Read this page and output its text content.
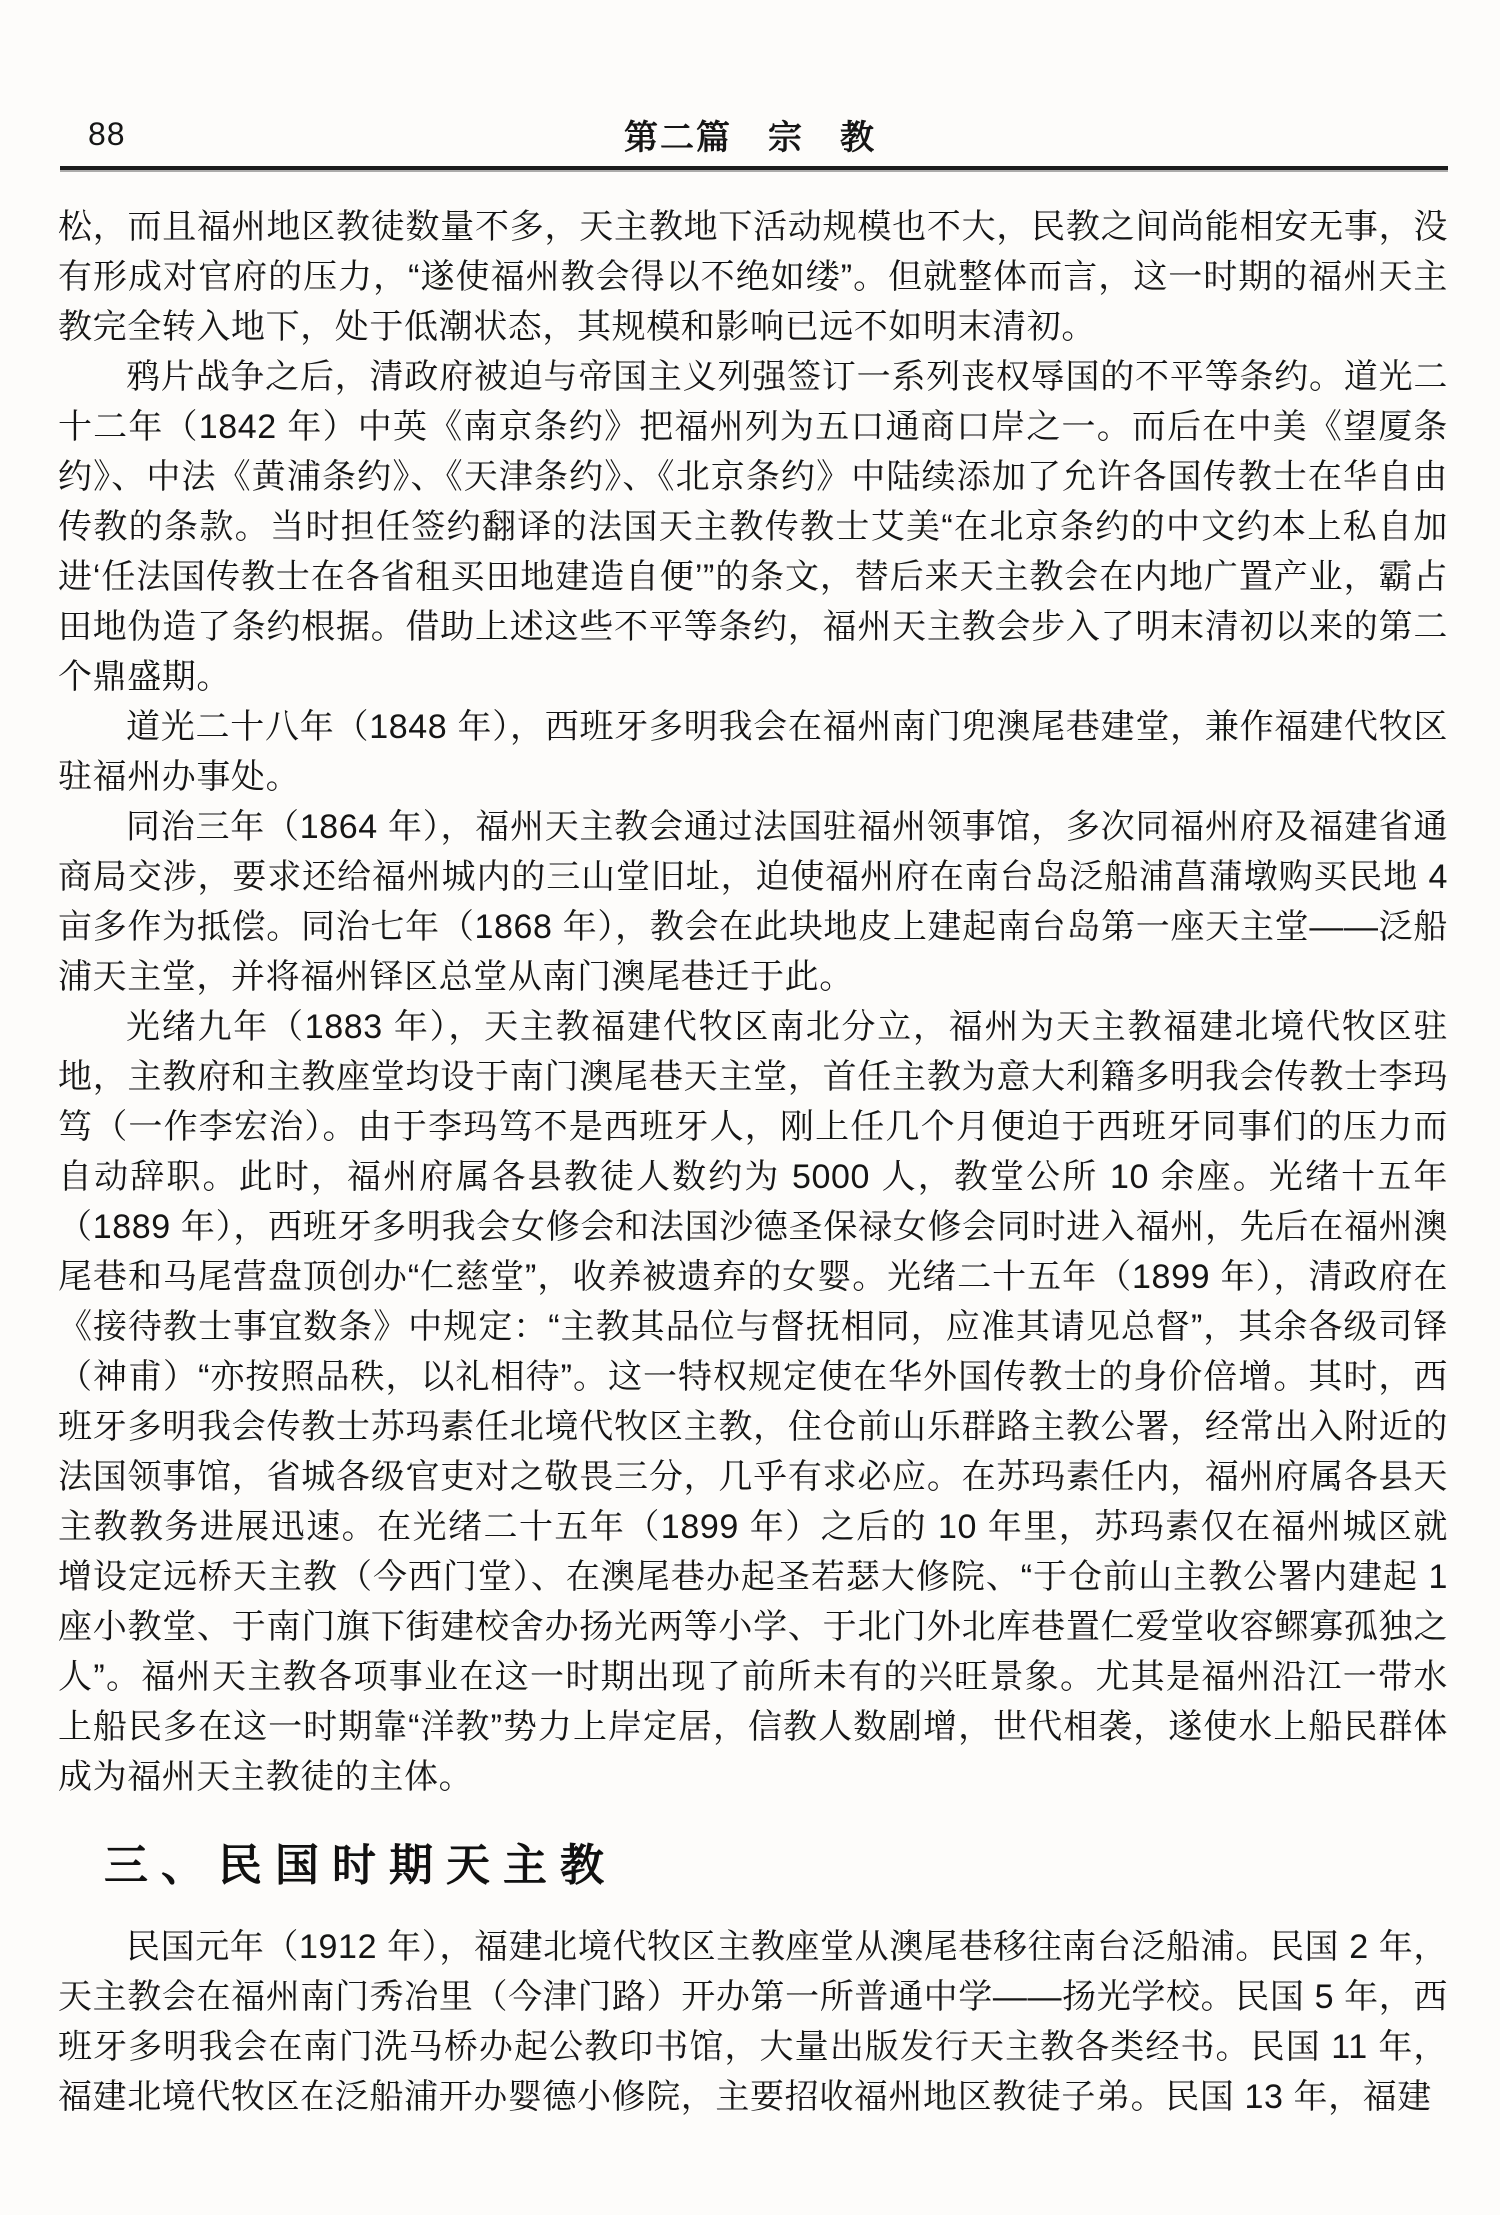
88	第二篇　宗　教

松，而且福州地区教徒数量不多，天主教地下活动规模也不大，民教之间尚能相安无事，没有形成对官府的压力，“遂使福州教会得以不绝如缕”。但就整体而言，这一时期的福州天主教完全转入地下，处于低潮状态，其规模和影响已远不如明末清初。

鸦片战争之后，清政府被迫与帝国主义列强签订一系列丧权辱国的不平等条约。道光二十二年（1842 年）中英《南京条约》把福州列为五口通商口岸之一。而后在中美《望厦条约》、中法《黄浦条约》、《天津条约》、《北京条约》中陆续添加了允许各国传教士在华自由传教的条款。当时担任签约翻译的法国天主教传教士艾美“在北京条约的中文约本上私自加进‘任法国传教士在各省租买田地建造自便’”的条文，替后来天主教会在内地广置产业，霸占田地伪造了条约根据。借助上述这些不平等条约，福州天主教会步入了明末清初以来的第二个鼎盛期。

道光二十八年（1848 年），西班牙多明我会在福州南门兜澳尾巷建堂，兼作福建代牧区驻福州办事处。

同治三年（1864 年），福州天主教会通过法国驻福州领事馆，多次同福州府及福建省通商局交涉，要求还给福州城内的三山堂旧址，迫使福州府在南台岛泛船浦菖蒲墩购买民地 4 亩多作为抵偿。同治七年（1868 年），教会在此块地皮上建起南台岛第一座天主堂——泛船浦天主堂，并将福州铎区总堂从南门澳尾巷迁于此。

光绪九年（1883 年），天主教福建代牧区南北分立，福州为天主教福建北境代牧区驻地，主教府和主教座堂均设于南门澳尾巷天主堂，首任主教为意大利籍多明我会传教士李玛笃（一作李宏治）。由于李玛笃不是西班牙人，刚上任几个月便迫于西班牙同事们的压力而自动辞职。此时，福州府属各县教徒人数约为 5000 人，教堂公所 10 余座。光绪十五年（1889 年），西班牙多明我会女修会和法国沙德圣保禄女修会同时进入福州，先后在福州澳尾巷和马尾营盘顶创办“仁慈堂”，收养被遗弃的女婴。光绪二十五年（1899 年），清政府在《接待教士事宜数条》中规定：“主教其品位与督抚相同，应准其请见总督”，其余各级司铎（神甫）“亦按照品秩，以礼相待”。这一特权规定使在华外国传教士的身价倍增。其时，西班牙多明我会传教士苏玛素任北境代牧区主教，住仓前山乐群路主教公署，经常出入附近的法国领事馆，省城各级官吏对之敬畏三分，几乎有求必应。在苏玛素任内，福州府属各县天主教教务进展迅速。在光绪二十五年（1899 年）之后的 10 年里，苏玛素仅在福州城区就增设定远桥天主教（今西门堂）、在澳尾巷办起圣若瑟大修院、“于仓前山主教公署内建起 1 座小教堂、于南门旗下街建校舍办扬光两等小学、于北门外北库巷置仁爱堂收容鳏寡孤独之人”。福州天主教各项事业在这一时期出现了前所未有的兴旺景象。尤其是福州沿江一带水上船民多在这一时期靠“洋教”势力上岸定居，信教人数剧增，世代相袭，遂使水上船民群体成为福州天主教徒的主体。

三、民国时期天主教

民国元年（1912 年），福建北境代牧区主教座堂从澳尾巷移往南台泛船浦。民国 2 年，天主教会在福州南门秀冶里（今津门路）开办第一所普通中学——扬光学校。民国 5 年，西班牙多明我会在南门洗马桥办起公教印书馆，大量出版发行天主教各类经书。民国 11 年，福建北境代牧区在泛船浦开办婴德小修院，主要招收福州地区教徒子弟。民国 13 年，福建
